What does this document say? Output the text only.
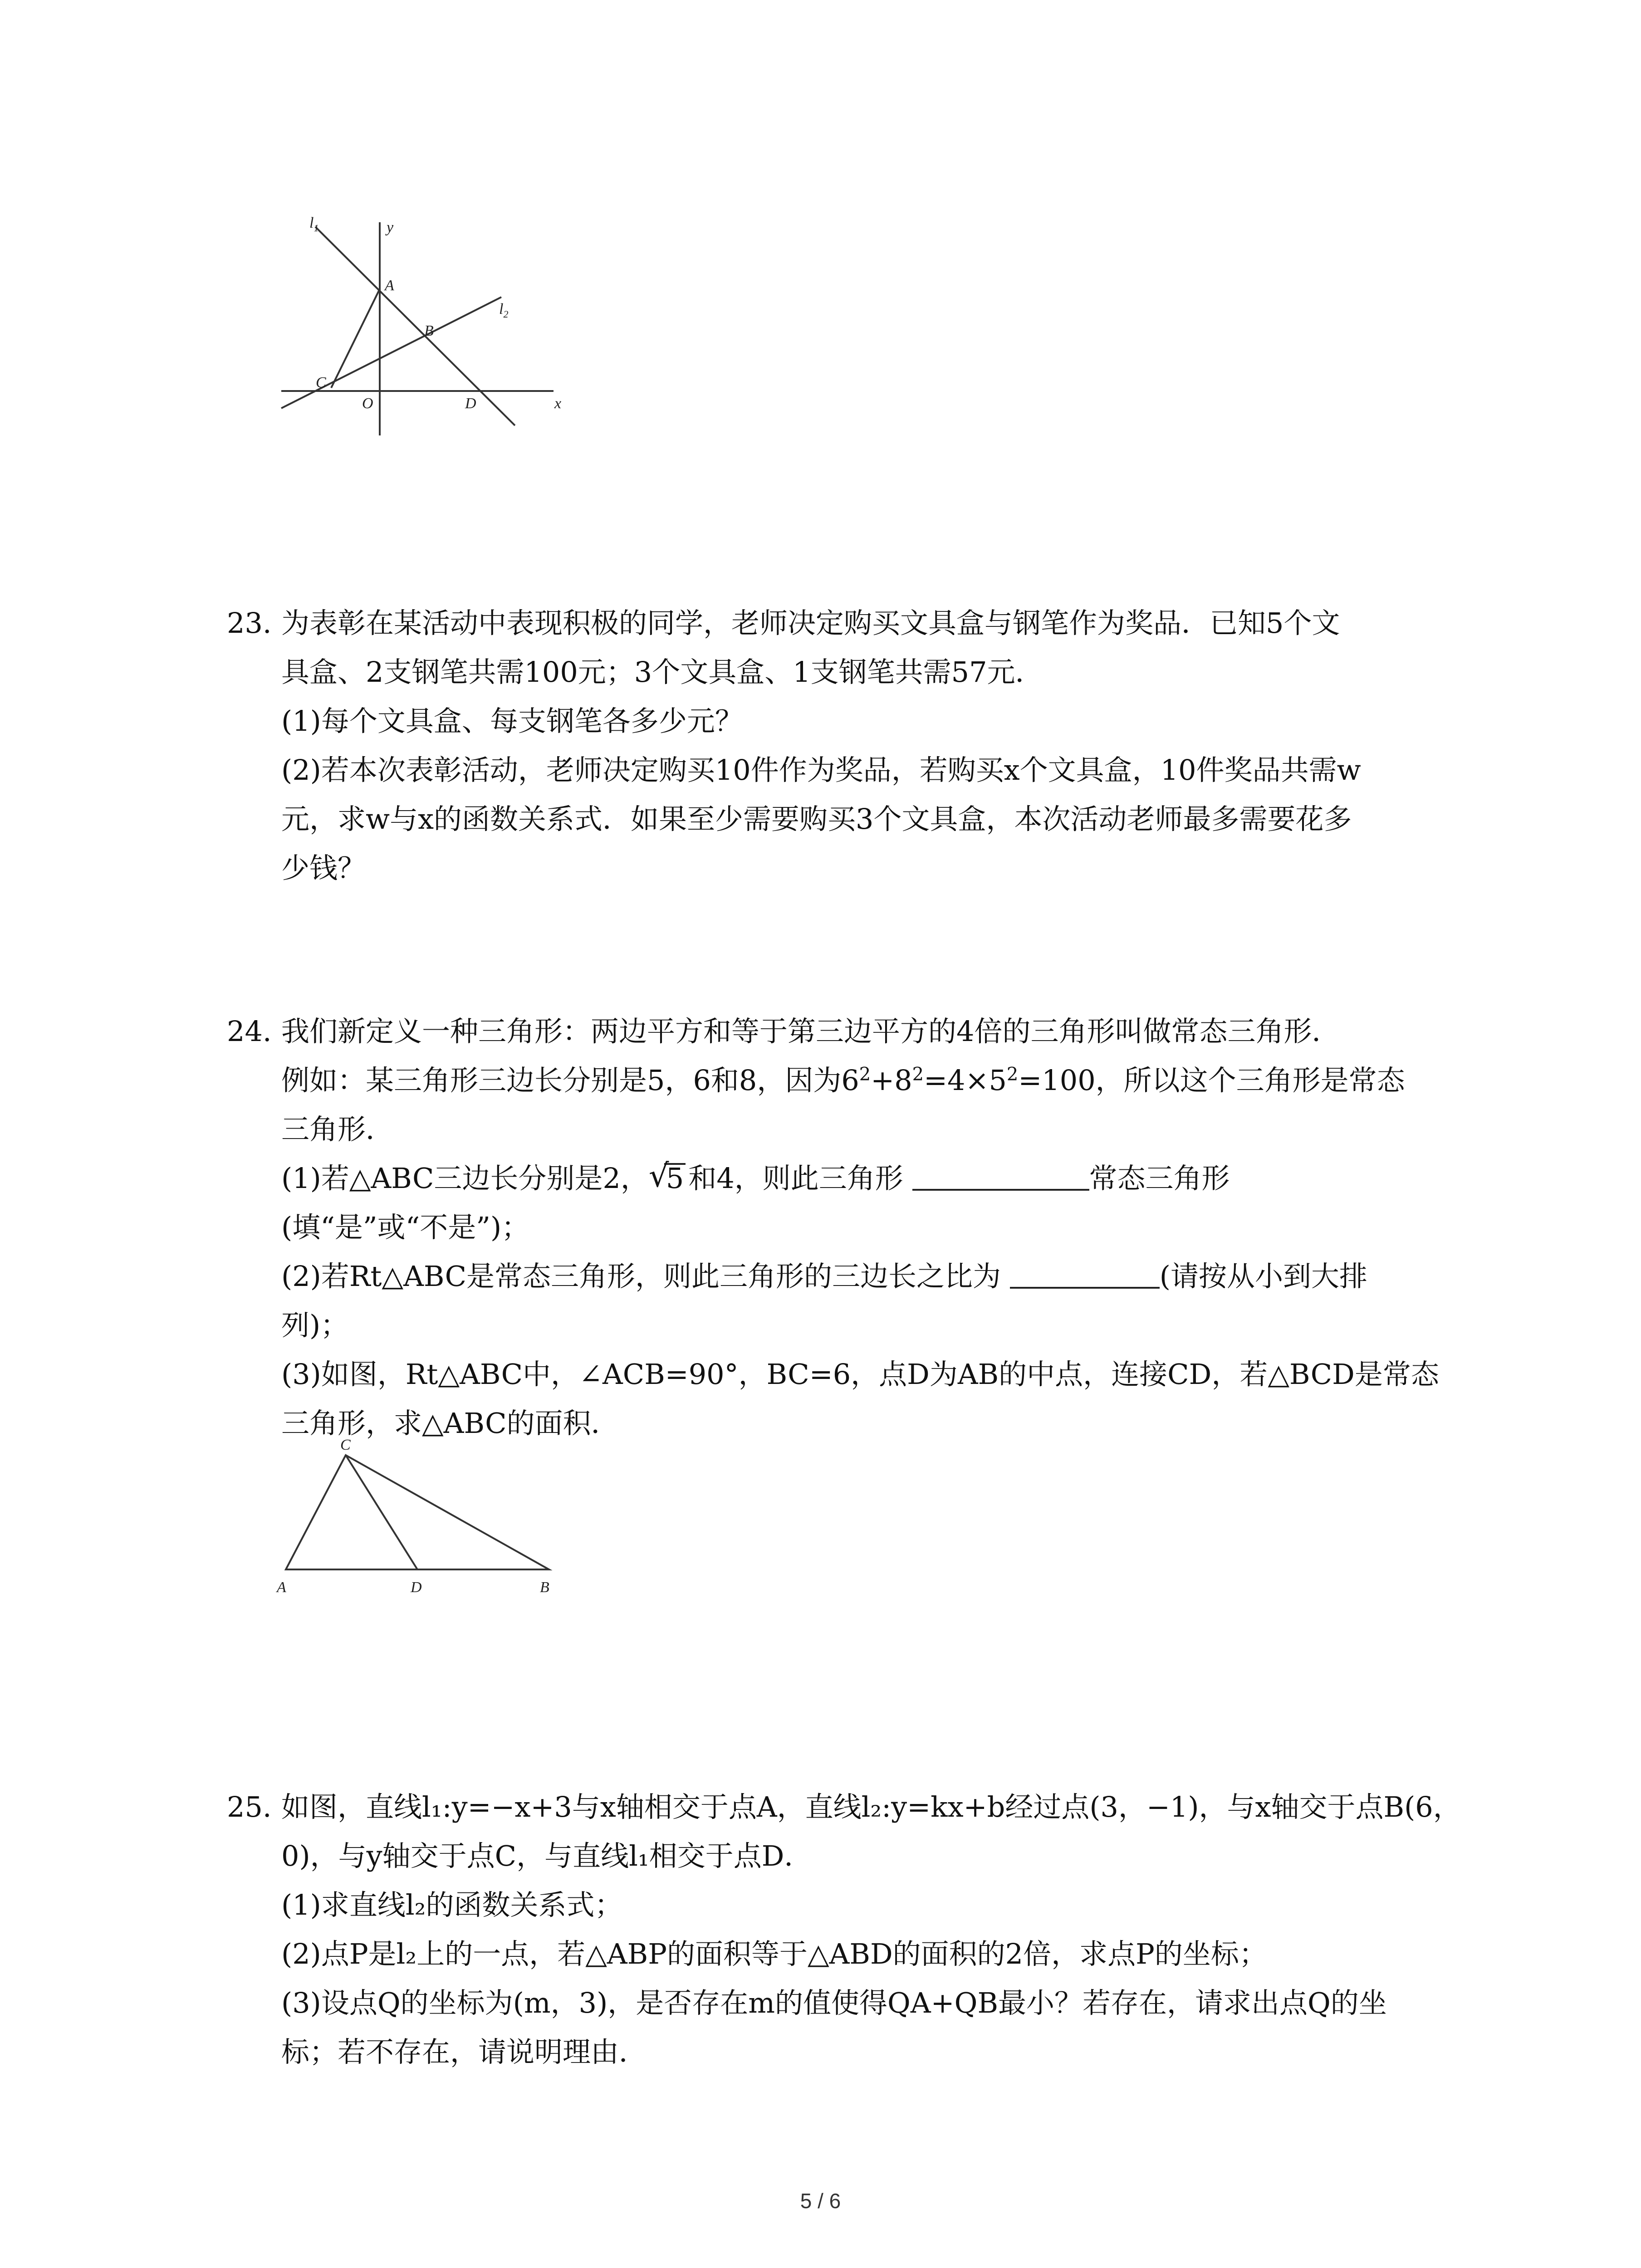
$l_1$	y
A
B
$l_2$
C
O	D	x
23. 为表彰在某活动中表现积极的同学，老师决定购买文具盒与钢笔作为奖品．已知5个文
具盒、2支钢笔共需100元；3个文具盒、1支钢笔共需57元．
(1)每个文具盒、每支钢笔各多少元？
(2)若本次表彰活动，老师决定购买10件作为奖品，若购买x个文具盒，10件奖品共需w
元，求w与x的函数关系式．如果至少需要购买3个文具盒，本次活动老师最多需要花多
少钱？
24. 我们新定义一种三角形：两边平方和等于第三边平方的4倍的三角形叫做常态三角形．
例如：某三角形三边长分别是5，6和8，因为$6^2+8^2=4\times 5^2=100$，所以这个三角形是常态
三角形．
(1)若△ABC三边长分别是2， √
5 和4，则此三角形	常态三角形
(填“是”或“不是”)；
(2)若Rt△ABC是常态三角形，则此三角形的三边长之比为	(请按从小到大排
列)；
(3)如图，Rt△ABC中，∠ACB=90°，BC=6，点D为AB的中点，连接CD，若△BCD是常态
三角形，求△ABC的面积．
C
A	D	B
25. 如图，直线l₁:y=−x+3与x轴相交于点A，直线l₂:y=kx+b经过点(3，−1)，与x轴交于点B(6，
0)，与y轴交于点C，与直线l₁相交于点D．
(1)求直线l₂的函数关系式；
(2)点P是l₂上的一点，若△ABP的面积等于△ABD的面积的2倍，求点P的坐标；
(3)设点Q的坐标为(m，3)，是否存在m的值使得QA+QB最小？若存在，请求出点Q的坐
标；若不存在，请说明理由．
5 / 6
